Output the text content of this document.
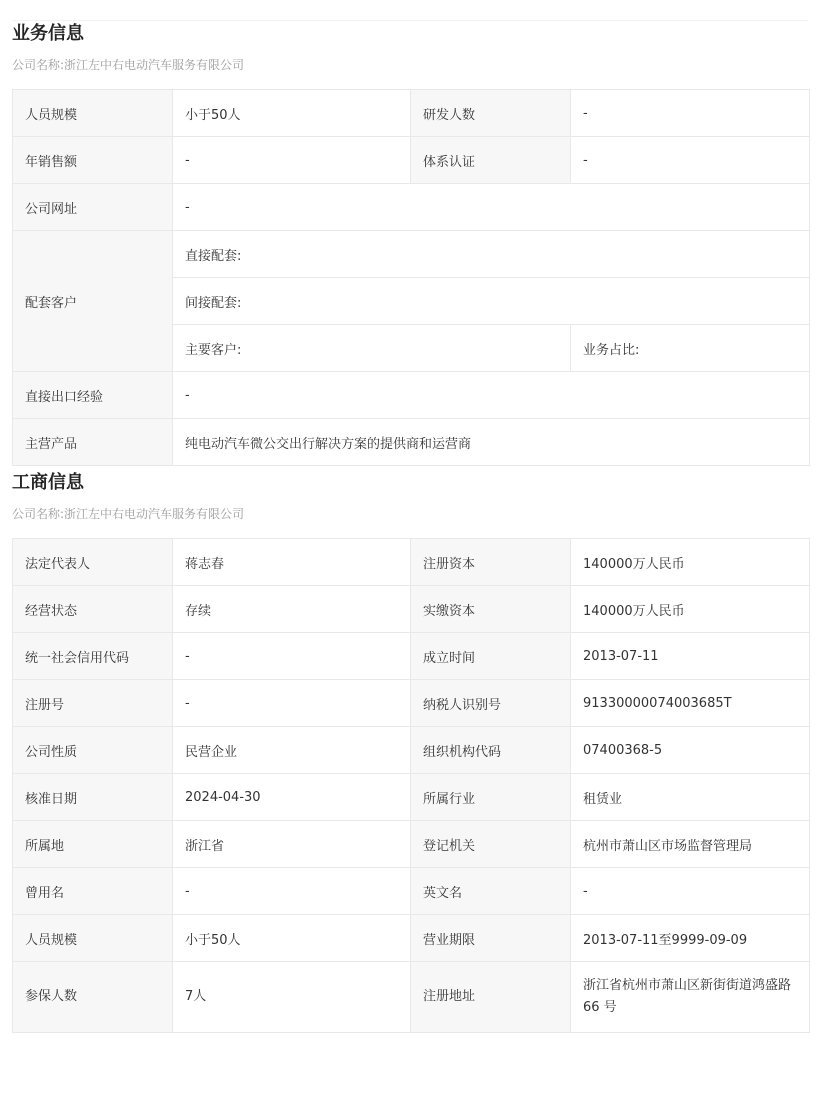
业务信息
公司名称:浙江左中右电动汽车服务有限公司
人员规模	小于50人	研发人数	-
年销售额	-	体系认证	-
公司网址	-		
配套客户	直接配套:		
	间接配套:		
	主要客户:		业务占比:
直接出口经验	-		
主营产品	纯电动汽车微公交出行解决方案的提供商和运营商		
工商信息
公司名称:浙江左中右电动汽车服务有限公司
法定代表人	蒋志春	注册资本	140000万人民币
经营状态	存续	实缴资本	140000万人民币
统一社会信用代码	-	成立时间	2013-07-11
注册号	-	纳税人识别号	91330000074003685T
公司性质	民营企业	组织机构代码	07400368-5
核准日期	2024-04-30	所属行业	租赁业
所属地	浙江省	登记机关	杭州市萧山区市场监督管理局
曾用名	-	英文名	-
人员规模	小于50人	营业期限	2013-07-11至9999-09-09
参保人数	7人	注册地址	浙江省杭州市萧山区新街街道鸿盛路66 号
